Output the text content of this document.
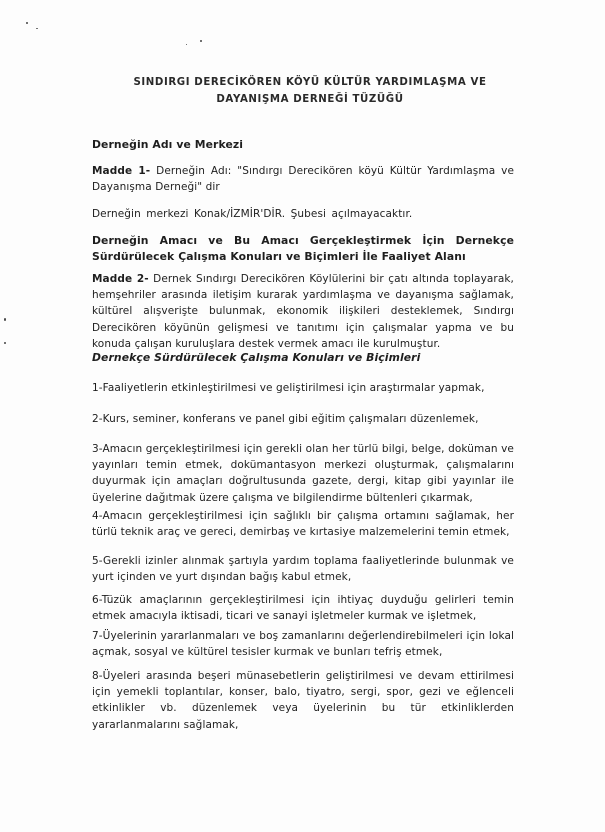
SINDIRGI DERECİKÖREN KÖYÜ KÜLTÜR YARDIMLAŞMA VE
DAYANIŞMA DERNEĞİ TÜZÜĞÜ
Derneğin Adı ve Merkezi
Madde 1- Derneğin Adı: "Sındırgı Derecikören köyü Kültür Yardımlaşma ve Dayanışma Derneği" dir
Derneğin merkezi Konak/İZMİR'DİR. Şubesi açılmayacaktır.
Derneğin Amacı ve Bu Amacı Gerçekleştirmek İçin Dernekçe Sürdürülecek Çalışma Konuları ve Biçimleri İle Faaliyet Alanı
Madde 2- Dernek Sındırgı Derecikören Köylülerini bir çatı altında toplayarak, hemşehriler arasında iletişim kurarak yardımlaşma ve dayanışma sağlamak, kültürel alışverişte bulunmak, ekonomik ilişkileri desteklemek, Sındırgı Derecikören köyünün gelişmesi ve tanıtımı için çalışmalar yapma ve bu konuda çalışan kuruluşlara destek vermek amacı ile kurulmuştur.
Dernekçe Sürdürülecek Çalışma Konuları ve Biçimleri
1-Faaliyetlerin etkinleştirilmesi ve geliştirilmesi için araştırmalar yapmak,
2-Kurs, seminer, konferans ve panel gibi eğitim çalışmaları düzenlemek,
3-Amacın gerçekleştirilmesi için gerekli olan her türlü bilgi, belge, doküman ve yayınları temin etmek, dokümantasyon merkezi oluşturmak, çalışmalarını duyurmak için amaçları doğrultusunda gazete, dergi, kitap gibi yayınlar ile üyelerine dağıtmak üzere çalışma ve bilgilendirme bültenleri çıkarmak,
4-Amacın gerçekleştirilmesi için sağlıklı bir çalışma ortamını sağlamak, her türlü teknik araç ve gereci, demirbaş ve kırtasiye malzemelerini temin etmek,
5-Gerekli izinler alınmak şartıyla yardım toplama faaliyetlerinde bulunmak ve yurt içinden ve yurt dışından bağış kabul etmek,
6-Tüzük amaçlarının gerçekleştirilmesi için ihtiyaç duyduğu gelirleri temin etmek amacıyla iktisadi, ticari ve sanayi işletmeler kurmak ve işletmek,
7-Üyelerinin yararlanmaları ve boş zamanlarını değerlendirebilmeleri için lokal açmak, sosyal ve kültürel tesisler kurmak ve bunları tefriş etmek,
8-Üyeleri arasında beşeri münasebetlerin geliştirilmesi ve devam ettirilmesi için yemekli toplantılar, konser, balo, tiyatro, sergi, spor, gezi ve eğlenceli etkinlikler vb. düzenlemek veya üyelerinin bu tür etkinliklerden yararlanmalarını sağlamak,
